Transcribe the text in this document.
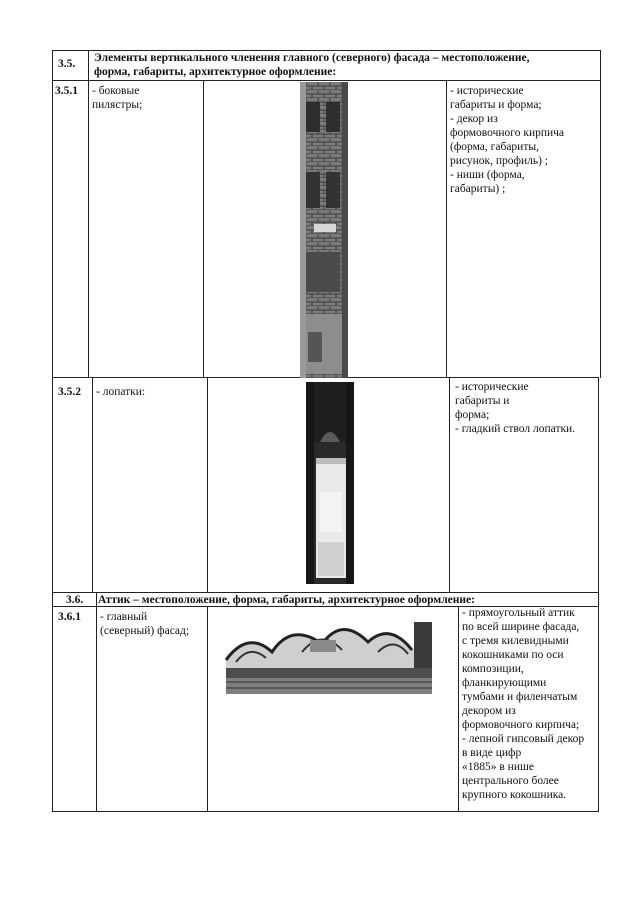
3.5. Элементы вертикального членения главного (северного) фасада – местоположение,
форма, габариты, архитектурное оформление:
3.5.1 - боковые
пилястры;
- исторические
габариты и форма;
- декор из
формовочного кирпича
(форма, габариты,
рисунок, профиль) ;
- ниши (форма,
габариты) ;
3.5.2 - лопатки:	- исторические
габариты и
форма;
- гладкий ствол лопатки.
3.6. Аттик – местоположение, форма, габариты, архитектурное оформление:
3.6.1 - главный
(северный) фасад;
- прямоугольный аттик
по всей ширине фасада,
с тремя килевидными
кокошниками по оси
композиции,
фланкирующими
тумбами и филенчатым
декором из
формовочного кирпича;
- лепной гипсовый декор
в виде цифр
«1885» в нише
центрального более
крупного кокошника.
